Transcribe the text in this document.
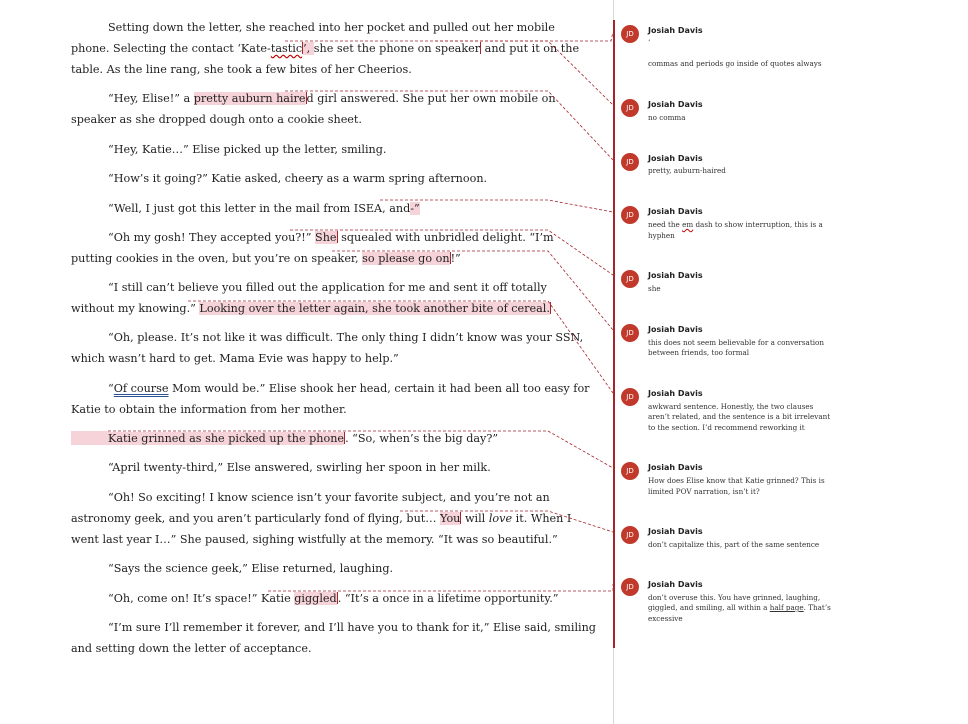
Setting down the letter, she reached into her pocket and pulled out her mobile
phone. Selecting the contact ‘Kate-tastic’, she set the phone on speaker and put it on the
table. As the line rang, she took a few bites of her Cheerios.
“Hey, Elise!” a pretty auburn haired girl answered. She put her own mobile on
speaker as she dropped dough onto a cookie sheet.
“Hey, Katie…” Elise picked up the letter, smiling.
“How’s it going?” Katie asked, cheery as a warm spring afternoon.
“Well, I just got this letter in the mail from ISEA, and-”
“Oh my gosh! They accepted you?!” She squealed with unbridled delight. “I’m
putting cookies in the oven, but you’re on speaker, so please go on!”
“I still can’t believe you filled out the application for me and sent it off totally
without my knowing.” Looking over the letter again, she took another bite of cereal.
“Oh, please. It’s not like it was difficult. The only thing I didn’t know was your SSN,
which wasn’t hard to get. Mama Evie was happy to help.”
“Of course Mom would be.” Elise shook her head, certain it had been all too easy for
Katie to obtain the information from her mother.
Katie grinned as she picked up the phone. “So, when’s the big day?”
“April twenty-third,” Else answered, swirling her spoon in her milk.
“Oh! So exciting! I know science isn’t your favorite subject, and you’re not an
astronomy geek, and you aren’t particularly fond of flying, but… You will love it. When I
went last year I…” She paused, sighing wistfully at the memory. “It was so beautiful.”
“Says the science geek,” Elise returned, laughing.
“Oh, come on! It’s space!” Katie giggled. “It’s a once in a lifetime opportunity.”
“I’m sure I’ll remember it forever, and I’ll have you to thank for it,” Elise said, smiling
and setting down the letter of acceptance.
JD	Josiah Davis
’
commas and periods go inside of quotes always
JD	Josiah Davis
no comma
JD	Josiah Davis
pretty, auburn-haired
JD	Josiah Davis
need the em dash to show interruption, this is a
hyphen
JD	Josiah Davis
she
JD	Josiah Davis
this does not seem believable for a conversation
between friends, too formal
JD	Josiah Davis
awkward sentence. Honestly, the two clauses
aren’t related, and the sentence is a bit irrelevant
to the section. I’d recommend reworking it
JD	Josiah Davis
How does Elise know that Katie grinned? This is
limited POV narration, isn’t it?
JD	Josiah Davis
don’t capitalize this, part of the same sentence
JD	Josiah Davis
don’t overuse this. You have grinned, laughing,
giggled, and smiling, all within a half page. That’s
excessive
